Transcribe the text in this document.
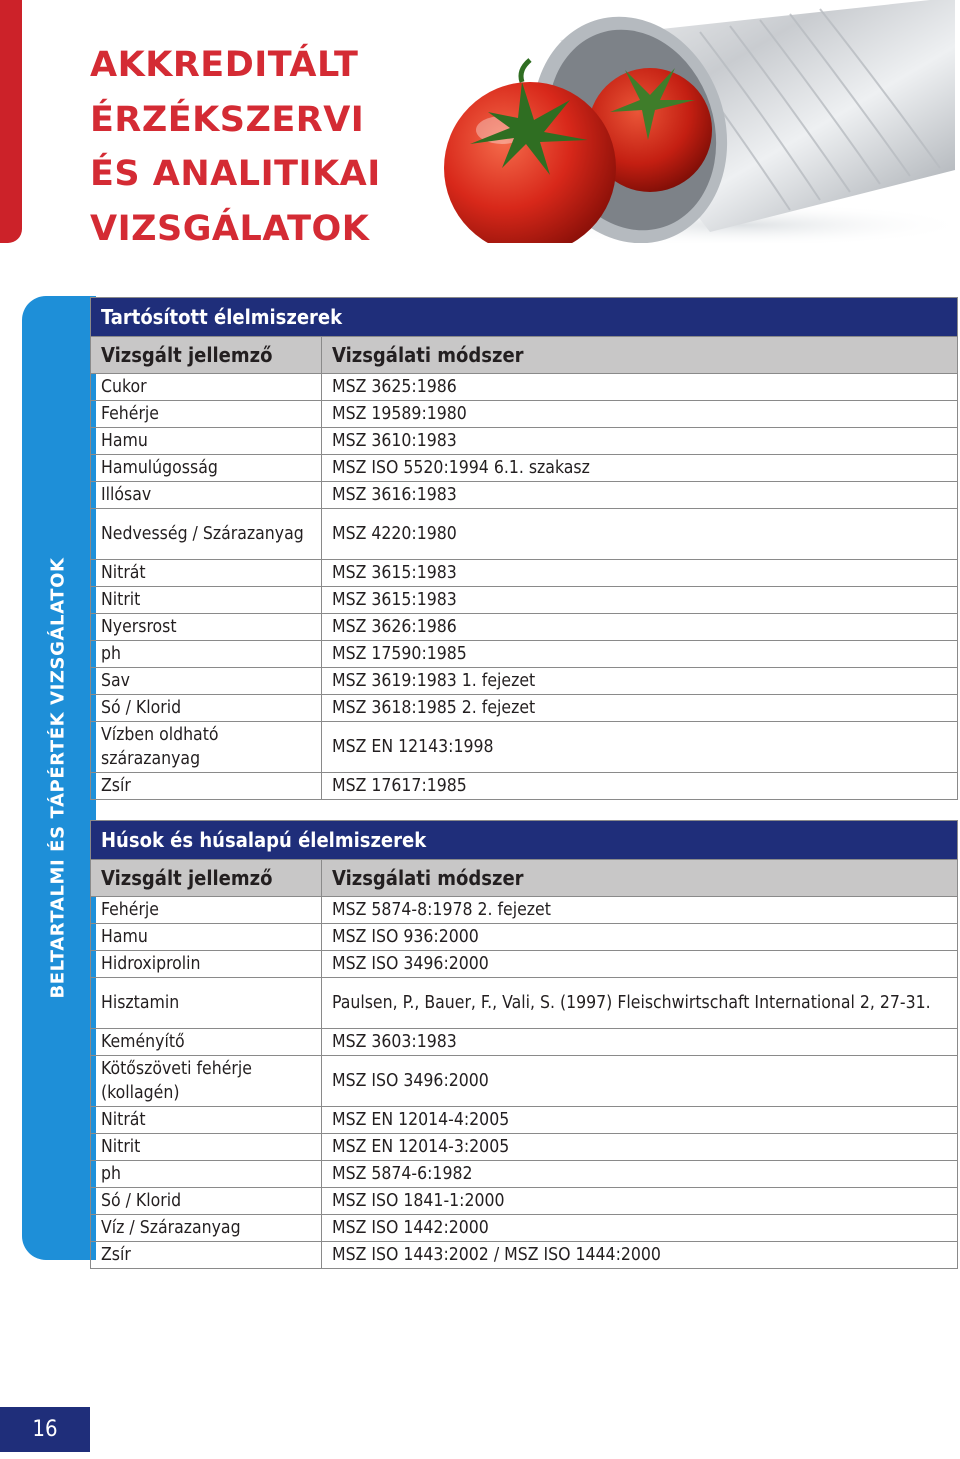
AKKREDITÁLT
ÉRZÉKSZERVI
ÉS ANALITIKAI
VIZSGÁLATOK
BELTARTALMI ÉS TÁPÉRTÉK VIZSGÁLATOK
Tartósított élelmiszerek	
Vizsgált jellemző	Vizsgálati módszer
Cukor	MSZ 3625:1986
Fehérje	MSZ 19589:1980
Hamu	MSZ 3610:1983
Hamulúgosság	MSZ ISO 5520:1994 6.1. szakasz
Illósav	MSZ 3616:1983
Nedvesség / Szárazanyag	MSZ 4220:1980
Nitrát	MSZ 3615:1983
Nitrit	MSZ 3615:1983
Nyersrost	MSZ 3626:1986
ph	MSZ 17590:1985
Sav	MSZ 3619:1983 1. fejezet
Só / Klorid	MSZ 3618:1985 2. fejezet
Vízben oldható szárazanyag	MSZ EN 12143:1998
Zsír	MSZ 17617:1985
Húsok és húsalapú élelmiszerek	
Vizsgált jellemző	Vizsgálati módszer
Fehérje	MSZ 5874-8:1978 2. fejezet
Hamu	MSZ ISO 936:2000
Hidroxiprolin	MSZ ISO 3496:2000
Hisztamin	Paulsen, P., Bauer, F., Vali, S. (1997) Fleischwirtschaft International 2, 27-31.
Keményítő	MSZ 3603:1983
Kötőszöveti fehérje (kollagén)	MSZ ISO 3496:2000
Nitrát	MSZ EN 12014-4:2005
Nitrit	MSZ EN 12014-3:2005
ph	MSZ 5874-6:1982
Só / Klorid	MSZ ISO 1841-1:2000
Víz / Szárazanyag	MSZ ISO 1442:2000
Zsír	MSZ ISO 1443:2002 / MSZ ISO 1444:2000
16
